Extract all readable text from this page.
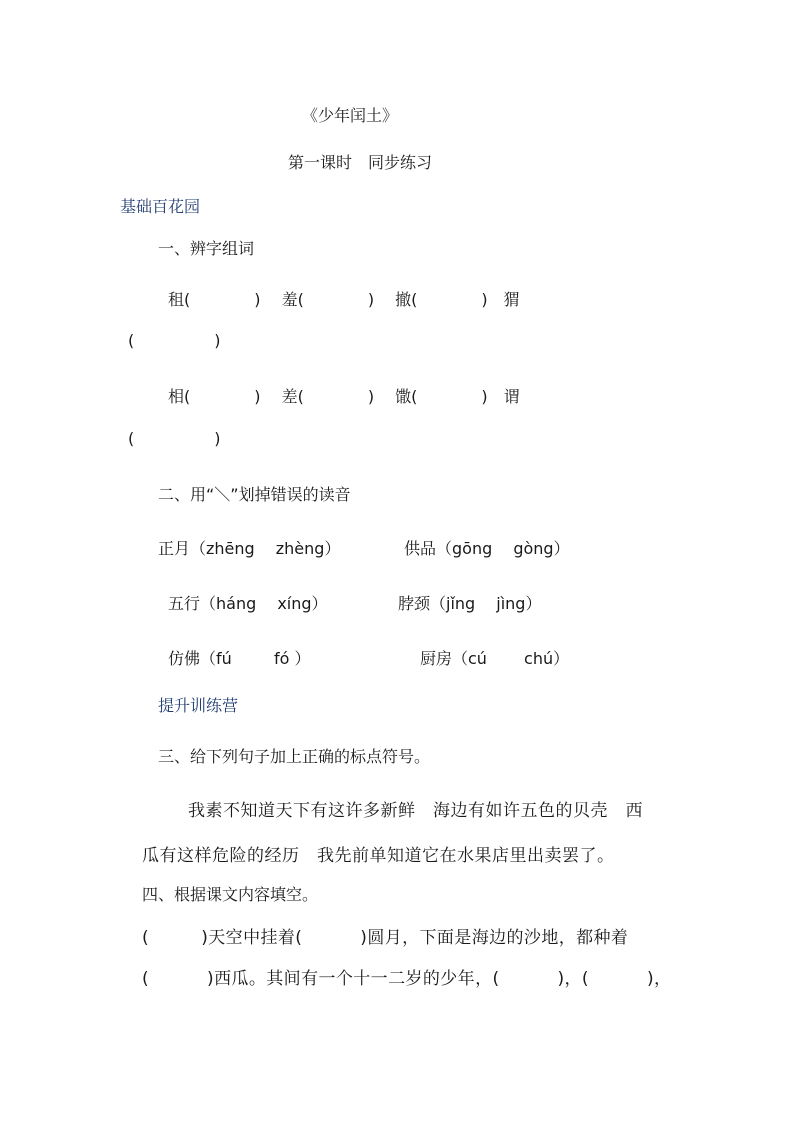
《少年闰土》
第一课时　同步练习
基础百花园
一、辨字组词
租(　　　　)　 羞(　　　　)　 撤(　　　　)　猬
(　　　　　)
相(　　　　)　 差(　　　　)　 馓(　　　　)　谓
(　　　　　)
二、用“＼”划掉错误的读音
正月（zhēng　 zhèng）	供品（gōng　 gòng）
五行（háng　 xíng）	脖颈（jǐng　 jìng）
仿佛（fú　　  fó ）	厨房（cú　　 chú）
提升训练营
三、给下列句子加上正确的标点符号。
我素不知道天下有这许多新鲜　海边有如许五色的贝壳　西
瓜有这样危险的经历　我先前单知道它在水果店里出卖罢了。
四、根据课文内容填空。
(　　　)天空中挂着(　　　 )圆月，下面是海边的沙地，都种着
(　　　 )西瓜。其间有一个十一二岁的少年，(　　　 )，(　　　 )，
